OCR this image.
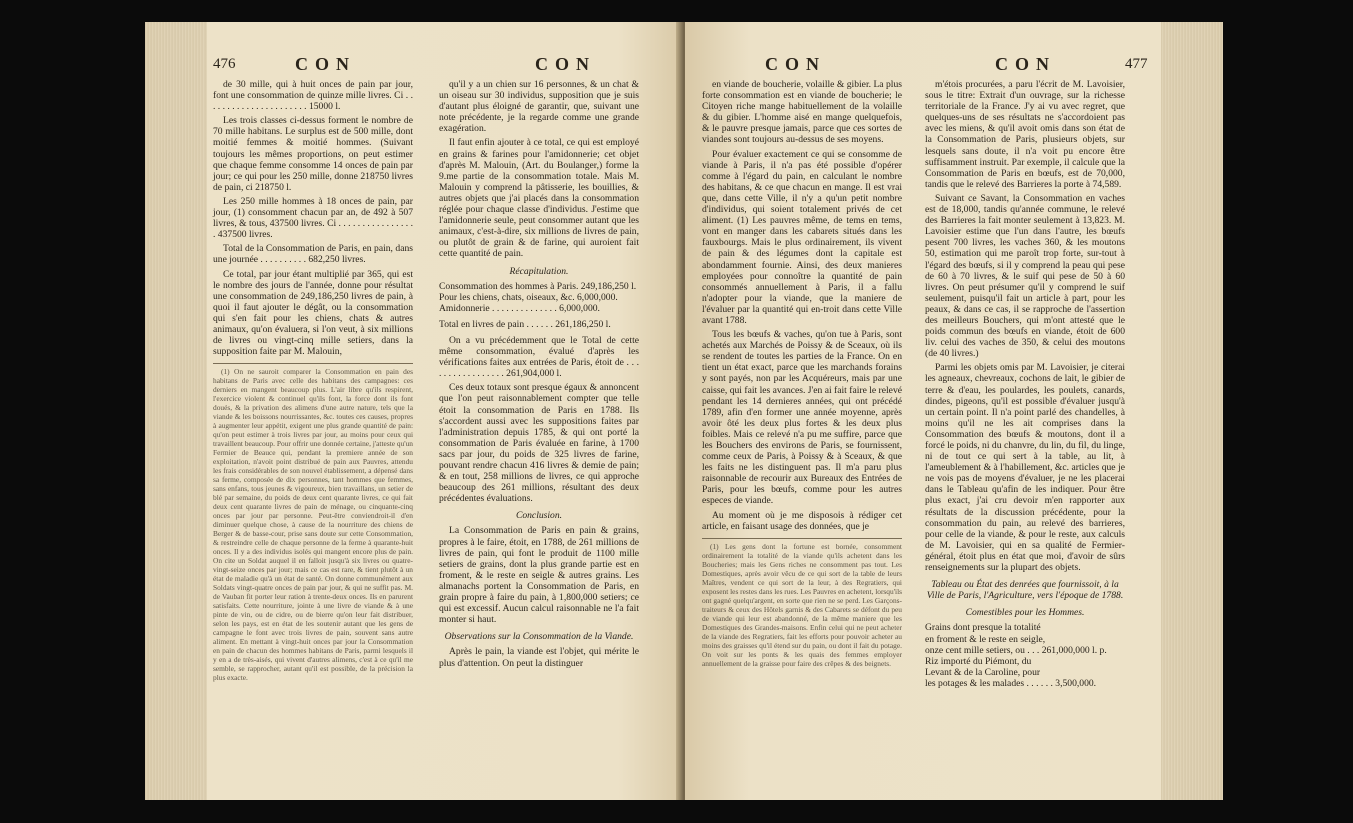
476	CON	CON

de 30 mille, qui à huit onces de pain par jour, font une consommation de quinze mille livres. Ci . . . . . . . . . . . . . . . . . . . . . . 15000 l.

Les trois classes ci-dessus forment le nombre de 70 mille habitans. Le surplus est de 500 mille, dont moitié femmes & moitié hommes. (Suivant toujours les mêmes proportions, on peut estimer que chaque femme consomme 14 onces de pain par jour; ce qui pour les 250 mille, donne 218750 livres de pain, ci 218750 l.

Les 250 mille hommes à 18 onces de pain, par jour, (1) consomment chacun par an, de 492 à 507 livres, & tous, 437500 livres. Ci . . . . . . . . . . . . . . . . . 437500 livres.

Total de la Consommation de Paris, en pain, dans une journée . . . . . . . . . . 682,250 livres.

Ce total, par jour étant multiplié par 365, qui est le nombre des jours de l'année, donne pour résultat une consommation de 249,186,250 livres de pain, à quoi il faut ajouter le dégât, ou la consommation qui s'en fait pour les chiens, chats & autres animaux, qu'on évaluera, si l'on veut, à six millions de livres ou vingt-cinq mille setiers, dans la supposition faite par M. Malouin,

(1) On ne sauroit comparer la Consommation en pain des habitans de Paris avec celle des habitans des campagnes: ces derniers en mangent beaucoup plus. L'air libre qu'ils respirent, l'exercice violent & continuel qu'ils font, la force dont ils font doués, & la privation des alimens d'une autre nature, tels que la viande & les boissons nourrissantes, &c. toutes ces causes, propres à augmenter leur appétit, exigent une plus grande quantité de pain: qu'on peut estimer à trois livres par jour, au moins pour ceux qui travaillent beaucoup. Pour offrir une donnée certaine, j'atteste qu'un Fermier de Beauce qui, pendant la premiere année de son exploitation, n'avoit point distribué de pain aux Pauvres, attendu les frais considérables de son nouvel établissement, a dépensé dans sa ferme, composée de dix personnes, tant hommes que femmes, sans enfans, tous jeunes & vigoureux, bien travaillans, un setier de blé par semaine, du poids de deux cent quarante livres, ce qui fait deux cent quarante livres de pain de ménage, ou cinquante-cinq onces par jour par personne. Peut-être conviendroit-il d'en diminuer quelque chose, à cause de la nourriture des chiens de Berger & de basse-cour, prise sans doute sur cette Consommation, & restreindre celle de chaque personne de la ferme à quarante-huit onces. Il y a des individus isolés qui mangent encore plus de pain. On cite un Soldat auquel il en falloit jusqu'à six livres ou quatre-vingt-seize onces par jour; mais ce cas est rare, & tient plutôt à un état de maladie qu'à un état de santé. On donne communément aux Soldats vingt-quatre onces de pain par jour, & qui ne suffit pas. M. de Vauban fit porter leur ration à trente-deux onces. Ils en parurent satisfaits. Cette nourriture, jointe à une livre de viande & à une pinte de vin, ou de cidre, ou de bierre qu'on leur fait distribuer, selon les pays, est en état de les soutenir autant que les gens de campagne le font avec trois livres de pain, souvent sans autre aliment. En mettant à vingt-huit onces par jour la Consommation en pain de chacun des hommes habitans de Paris, parmi lesquels il y en a de très-aisés, qui vivent d'autres alimens, c'est à ce qu'il me semble, se rapprocher, autant qu'il est possible, de la précision la plus exacte.

qu'il y a un chien sur 16 personnes, & un chat & un oiseau sur 30 individus, supposition que je suis d'autant plus éloigné de garantir, que, suivant une note précédente, je la regarde comme une grande exagération.

Il faut enfin ajouter à ce total, ce qui est employé en grains & farines pour l'amidonnerie; cet objet d'après M. Malouin, (Art. du Boulanger,) forme la 9.me partie de la consommation totale. Mais M. Malouin y comprend la pâtisserie, les bouillies, & autres objets que j'ai placés dans la consommation réglée pour chaque classe d'individus. J'estime que l'amidonnerie seule, peut consommer autant que les animaux, c'est-à-dire, six millions de livres de pain, ou plutôt de grain & de farine, qui auroient fait cette quantité de pain.

Récapitulation.
Consommation des hommes à Paris. 249,186,250 l.
Pour les chiens, chats, oiseaux, &c. 6,000,000.
Amidonnerie . . . . . . . . . . . . . . 6,000,000.
Total en livres de pain . . . . . . 261,186,250 l.

On a vu précédemment que le Total de cette même consommation, évalué d'après les vérifications faites aux entrées de Paris, étoit de . . . . . . . . . . . . . . . . . 261,904,000 l.

Ces deux totaux sont presque égaux & annoncent que l'on peut raisonnablement compter que telle étoit la consommation de Paris en 1788. Ils s'accordent aussi avec les suppositions faites par l'administration depuis 1785, & qui ont porté la consommation de Paris évaluée en farine, à 1700 sacs par jour, du poids de 325 livres de farine, pouvant rendre chacun 416 livres & demie de pain; & en tout, 258 millions de livres, ce qui approche beaucoup des 261 millions, résultant des deux précédentes évaluations.

Conclusion.

La Consommation de Paris en pain & grains, propres à le faire, étoit, en 1788, de 261 millions de livres de pain, qui font le produit de 1100 mille setiers de grains, dont la plus grande partie est en froment, & le reste en seigle & autres grains. Les almanachs portent la Consommation de Paris, en grain propre à faire du pain, à 1,800,000 setiers; ce qui est excessif. Aucun calcul raisonnable ne l'a fait monter si haut.

Observations sur la Consommation de la Viande.

Après le pain, la viande est l'objet, qui mérite le plus d'attention. On peut la distinguer

CON	CON	477

en viande de boucherie, volaille & gibier. La plus forte consommation est en viande de boucherie; le Citoyen riche mange habituellement de la volaille & du gibier. L'homme aisé en mange quelquefois, & le pauvre presque jamais, parce que ces sortes de viandes sont toujours au-dessus de ses moyens.

Pour évaluer exactement ce qui se consomme de viande à Paris, il n'a pas été possible d'opérer comme à l'égard du pain, en calculant le nombre des habitans, & ce que chacun en mange. Il est vrai que, dans cette Ville, il n'y a qu'un petit nombre d'individus, qui soient totalement privés de cet aliment. (1) Les pauvres même, de tems en tems, vont en manger dans les cabarets situés dans les fauxbourgs. Mais le plus ordinairement, ils vivent de pain & des légumes dont la capitale est abondamment fournie. Ainsi, des deux manieres employées pour connoître la quantité de pain consommés annuellement à Paris, il a fallu n'adopter pour la viande, que la maniere de l'évaluer par la quantité qui en-troit dans cette Ville avant 1788.

Tous les bœufs & vaches, qu'on tue à Paris, sont achetés aux Marchés de Poissy & de Sceaux, où ils se rendent de toutes les parties de la France. On en tient un état exact, parce que les marchands forains y sont payés, non par les Acquéreurs, mais par une caisse, qui fait les avances. J'en ai fait faire le relevé pendant les 14 dernieres années, qui ont précédé 1789, afin d'en former une année moyenne, après avoir ôté les deux plus fortes & les deux plus foibles. Mais ce relevé n'a pu me suffire, parce que les Bouchers des environs de Paris, se fournissent, comme ceux de Paris, à Poissy & à Sceaux, & que les faits ne les distinguent pas. Il m'a paru plus raisonnable de recourir aux Bureaux des Entrées de Paris, pour les bœufs, comme pour les autres especes de viande.

Au moment où je me disposois à rédiger cet article, en faisant usage des données, que je

(1) Les gens dont la fortune est bornée, consomment ordinairement la totalité de la viande qu'ils achetent dans les Boucheries; mais les Gens riches ne consomment pas tout. Les Domestiques, après avoir vêcu de ce qui sort de la table de leurs Maîtres, vendent ce qui sort de la leur, à des Regratiers, qui exposent les restes dans les rues. Les Pauvres en achetent, lorsqu'ils ont gagné quelqu'argent, en sorte que rien ne se perd. Les Garçons-traiteurs & ceux des Hôtels garnis & des Cabarets se défont du peu de viande qui leur est abandonné, de la même maniere que les Domestiques des Grandes-maisons. Enfin celui qui ne peut acheter de la viande des Regratiers, fait les efforts pour pouvoir acheter au moins des graisses qu'il étend sur du pain, ou dont il fait du potage. On voit sur les ponts & les quais des femmes employer annuellement de la graisse pour faire des crêpes & des beignets.

m'étois procurées, a paru l'écrit de M. Lavoisier, sous le titre: Extrait d'un ouvrage, sur la richesse territoriale de la France. J'y ai vu avec regret, que quelques-uns de ses résultats ne s'accordoient pas avec les miens, & qu'il avoit omis dans son état de la Consommation de Paris, plusieurs objets, sur lesquels sans doute, il n'a voit pu encore être suffisamment instruit. Par exemple, il calcule que la Consommation de Paris en bœufs, est de 70,000, tandis que le relevé des Barrieres la porte à 74,589.

Suivant ce Savant, la Consommation en vaches est de 18,000, tandis qu'année commune, le relevé des Barrieres la fait monter seulement à 13,823. M. Lavoisier estime que l'un dans l'autre, les bœufs pesent 700 livres, les vaches 360, & les moutons 50, estimation qui me paroît trop forte, sur-tout à l'égard des bœufs, si il y comprend la peau qui pese de 60 à 70 livres, & le suif qui pese de 50 à 60 livres. On peut présumer qu'il y comprend le suif seulement, puisqu'il fait un article à part, pour les peaux, & dans ce cas, il se rapproche de l'assertion des meilleurs Bouchers, qui m'ont attesté que le poids commun des bœufs en viande, étoit de 600 liv. celui des vaches de 350, & celui des moutons (de 40 livres.)

Parmi les objets omis par M. Lavoisier, je citerai les agneaux, chevreaux, cochons de lait, le gibier de terre & d'eau, les poulardes, les poulets, canards, dindes, pigeons, qu'il est possible d'évaluer jusqu'à un certain point. Il n'a point parlé des chandelles, à moins qu'il ne les ait comprises dans la Consommation des bœufs & moutons, dont il a forcé le poids, ni du chanvre, du lin, du fil, du linge, ni de tout ce qui sert à la table, au lit, à l'ameublement & à l'habillement, &c. articles que je ne vois pas de moyens d'évaluer, je ne les placerai dans le Tableau qu'afin de les indiquer. Pour être plus exact, j'ai cru devoir m'en rapporter aux résultats de la discussion précédente, pour la consommation du pain, au relevé des barrieres, pour celle de la viande, & pour le reste, aux calculs de M. Lavoisier, qui en sa qualité de Fermier-général, étoit plus en état que moi, d'avoir de sûrs renseignements sur la plupart des objets.

Tableau ou État des denrées que fournissoit, à la Ville de Paris, l'Agriculture, vers l'époque de 1788.
Comestibles pour les Hommes.
Grains dont presque la totalité
en froment & le reste en seigle,
onze cent mille setiers, ou . . . 261,000,000 l. p.
Riz importé du Piémont, du
Levant & de la Caroline, pour
les potages & les malades . . . . . . 3,500,000.
